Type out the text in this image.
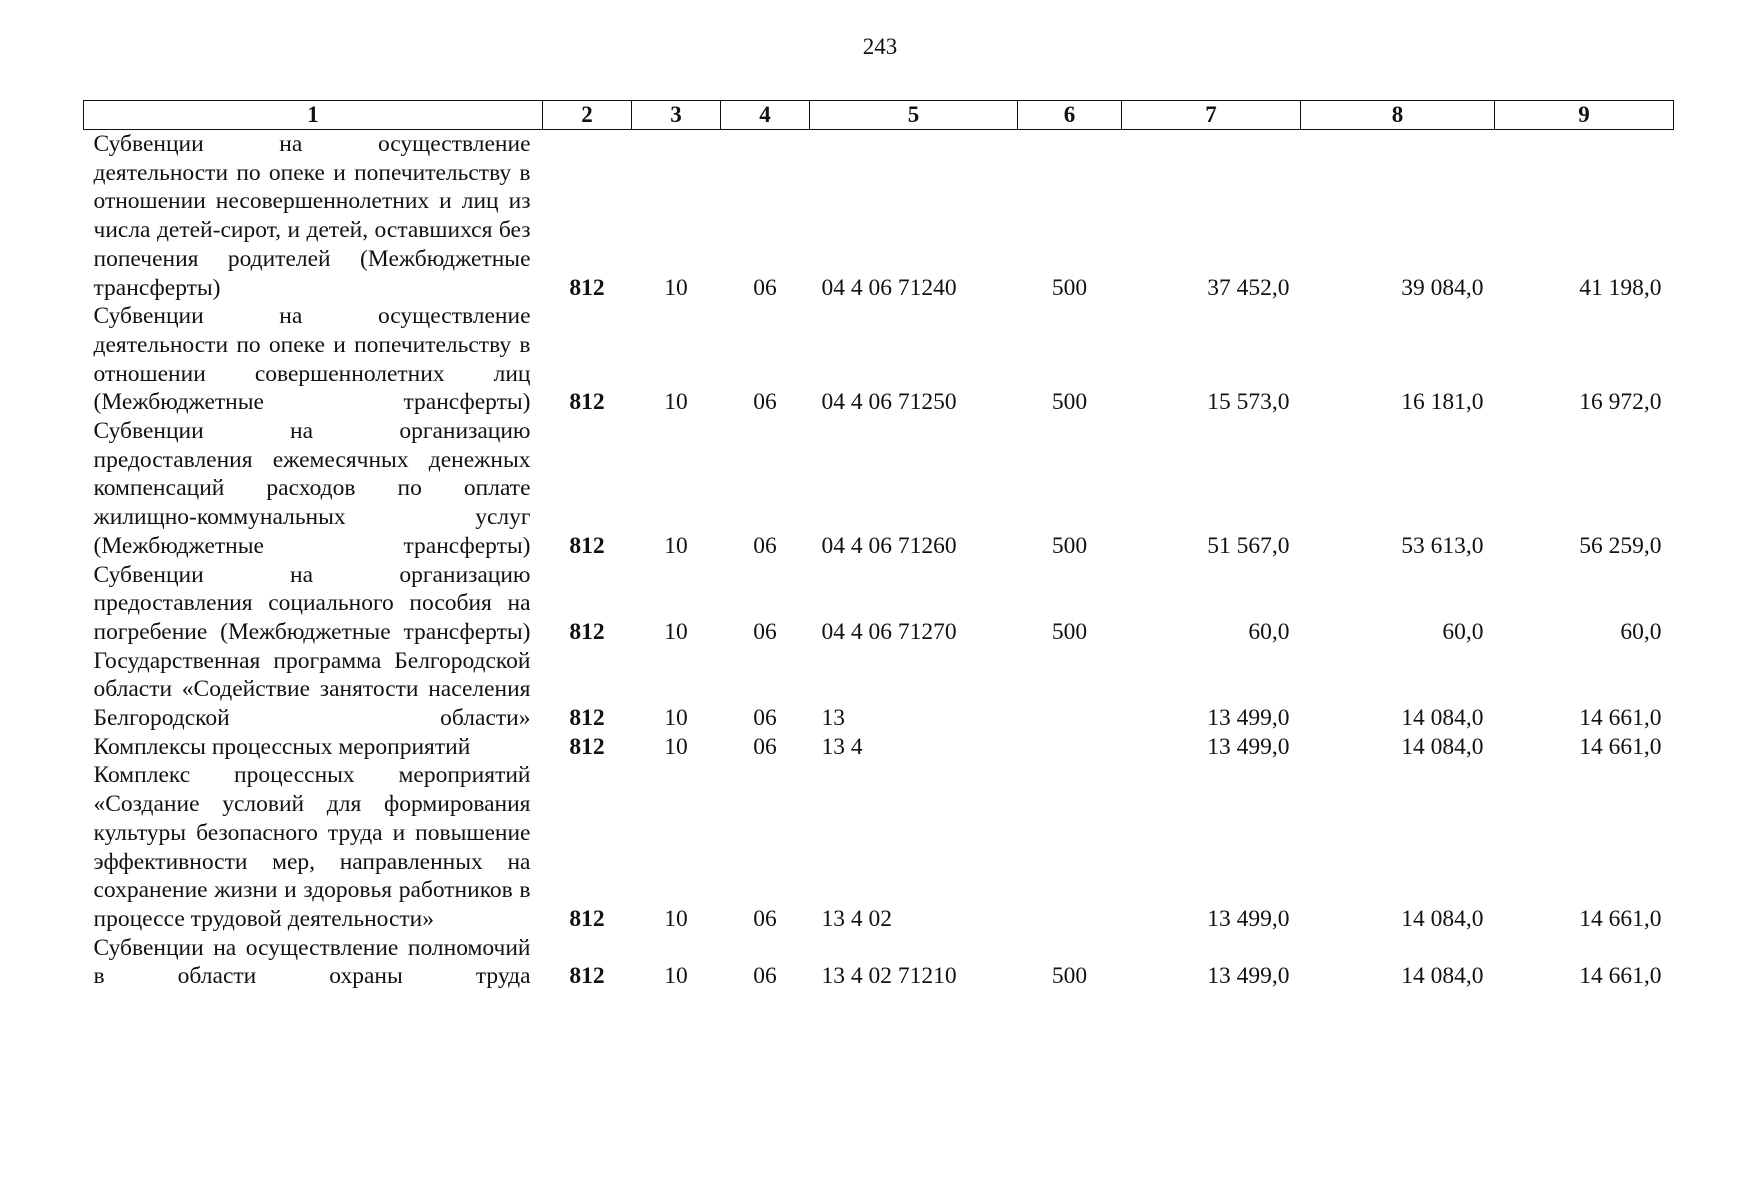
243
1	2	3	4	5	6	7	8	9
Субвенции на осуществление деятельности по опеке и попечительству в отношении несовершеннолетних и лиц из числа детей-сирот, и детей, оставшихся без попечения родителей (Межбюджетные трансферты)	812	10	06	04 4 06 71240	500	37 452,0	39 084,0	41 198,0
Субвенции на осуществление деятельности по опеке и попечительству в отношении совершеннолетних лиц (Межбюджетные трансферты)	812	10	06	04 4 06 71250	500	15 573,0	16 181,0	16 972,0
Субвенции на организацию предоставления ежемесячных денежных компенсаций расходов по оплате жилищно-коммунальных услуг (Межбюджетные трансферты)	812	10	06	04 4 06 71260	500	51 567,0	53 613,0	56 259,0
Субвенции на организацию предоставления социального пособия на погребение (Межбюджетные трансферты)	812	10	06	04 4 06 71270	500	60,0	60,0	60,0
Государственная программа Белгородской области «Содействие занятости населения Белгородской области»	812	10	06	13		13 499,0	14 084,0	14 661,0
Комплексы процессных мероприятий	812	10	06	13 4		13 499,0	14 084,0	14 661,0
Комплекс процессных мероприятий «Создание условий для формирования культуры безопасного труда и повышение эффективности мер, направленных на сохранение жизни и здоровья работников в процессе трудовой деятельности»	812	10	06	13 4 02		13 499,0	14 084,0	14 661,0
Субвенции на осуществление полномочий в области охраны труда	812	10	06	13 4 02 71210	500	13 499,0	14 084,0	14 661,0
